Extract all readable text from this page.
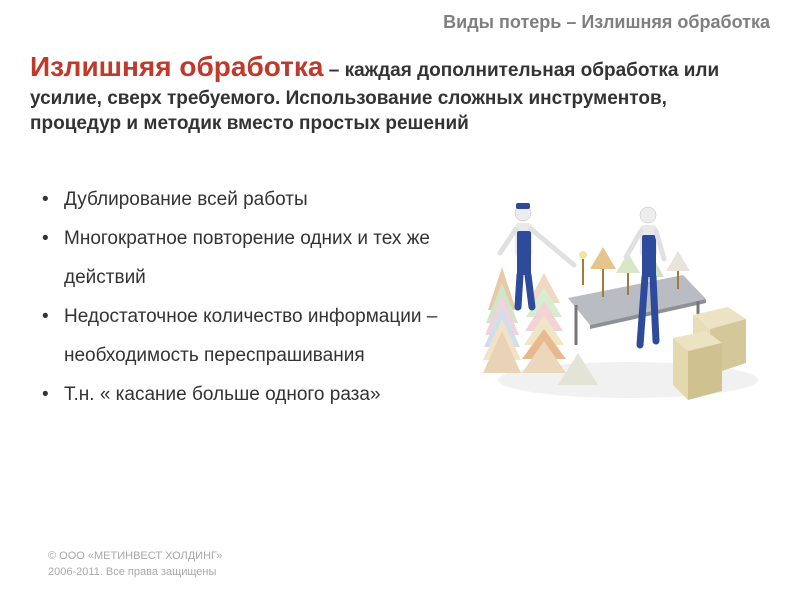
Виды потерь – Излишняя обработка
Излишняя обработка – каждая дополнительная обработка или усилие, сверх требуемого. Использование сложных инструментов, процедур и методик вместо простых решений
• Дублирование всей работы
• Многократное повторение одних и тех же действий
• Недостаточное количество информации – необходимость переспрашивания
• Т.н. « касание больше одного раза»
© ООО «МЕТИНВЕСТ ХОЛДИНГ» 2006-2011. Все права защищены
